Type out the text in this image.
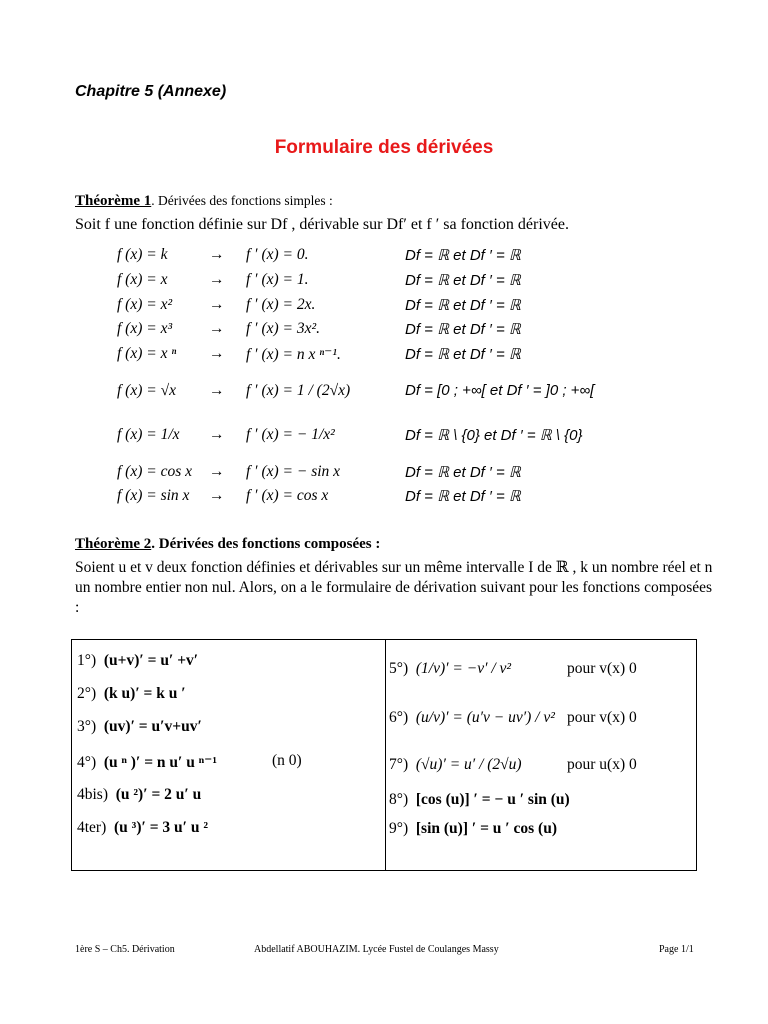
Chapitre 5 (Annexe)
Formulaire des dérivées
Théorème 1. Dérivées des fonctions simples :
Soit f une fonction définie sur Df , dérivable sur Df′ et f ′ sa fonction dérivée.
f (x) = k	→ f ′ (x) = 0.	Df = ℝ et Df ′ = ℝ
f (x) = x	→ f ′ (x) = 1.	Df = ℝ et Df ′ = ℝ
f (x) = x² → f ′ (x) = 2x.	Df = ℝ et Df ′ = ℝ
f (x) = x³ → f ′ (x) = 3x².	Df = ℝ et Df ′ = ℝ
f (x) = x ⁿ → f ′ (x) = n x ⁿ⁻¹.	Df = ℝ et Df ′ = ℝ
f (x) = √x → f ′ (x) = 1 / (2√x)	Df = [0 ; +∞[ et Df ′ = ]0 ; +∞[
f (x) = 1/x → f ′ (x) = − 1/x²	Df = ℝ \ {0} et Df ′ = ℝ \ {0}
f (x) = cos x → f ′ (x) = − sin x	Df = ℝ et Df ′ = ℝ
f (x) = sin x → f ′ (x) = cos x	Df = ℝ et Df ′ = ℝ
Théorème 2. Dérivées des fonctions composées :
Soient u et v deux fonction définies et dérivables sur un même intervalle I de ℝ , k un nombre réel et n un nombre entier non nul. Alors, on a le formulaire de dérivation suivant pour les fonctions composées :
1°) (u+v)′ = u′ +v′
2°) (k u)′ = k u ′
3°) (uv)′ = u′v+uv′
4°) (u ⁿ )′ = n u′ u ⁿ⁻¹	(n 0)
4bis) (u ²)′ = 2 u′ u
4ter) (u ³)′ = 3 u′ u ²
5°) (1/v)′ = −v′ / v²	pour v(x) 0
6°) (u/v)′ = (u′v − uv′) / v² pour v(x) 0
7°) (√u)′ = u′ / (2√u)	pour u(x) 0
8°) [cos (u)] ′ = − u ′ sin (u)
9°) [sin (u)] ′ = u ′ cos (u)
1ère S – Ch5. Dérivation	Abdellatif ABOUHAZIM. Lycée Fustel de Coulanges Massy	Page 1/1
